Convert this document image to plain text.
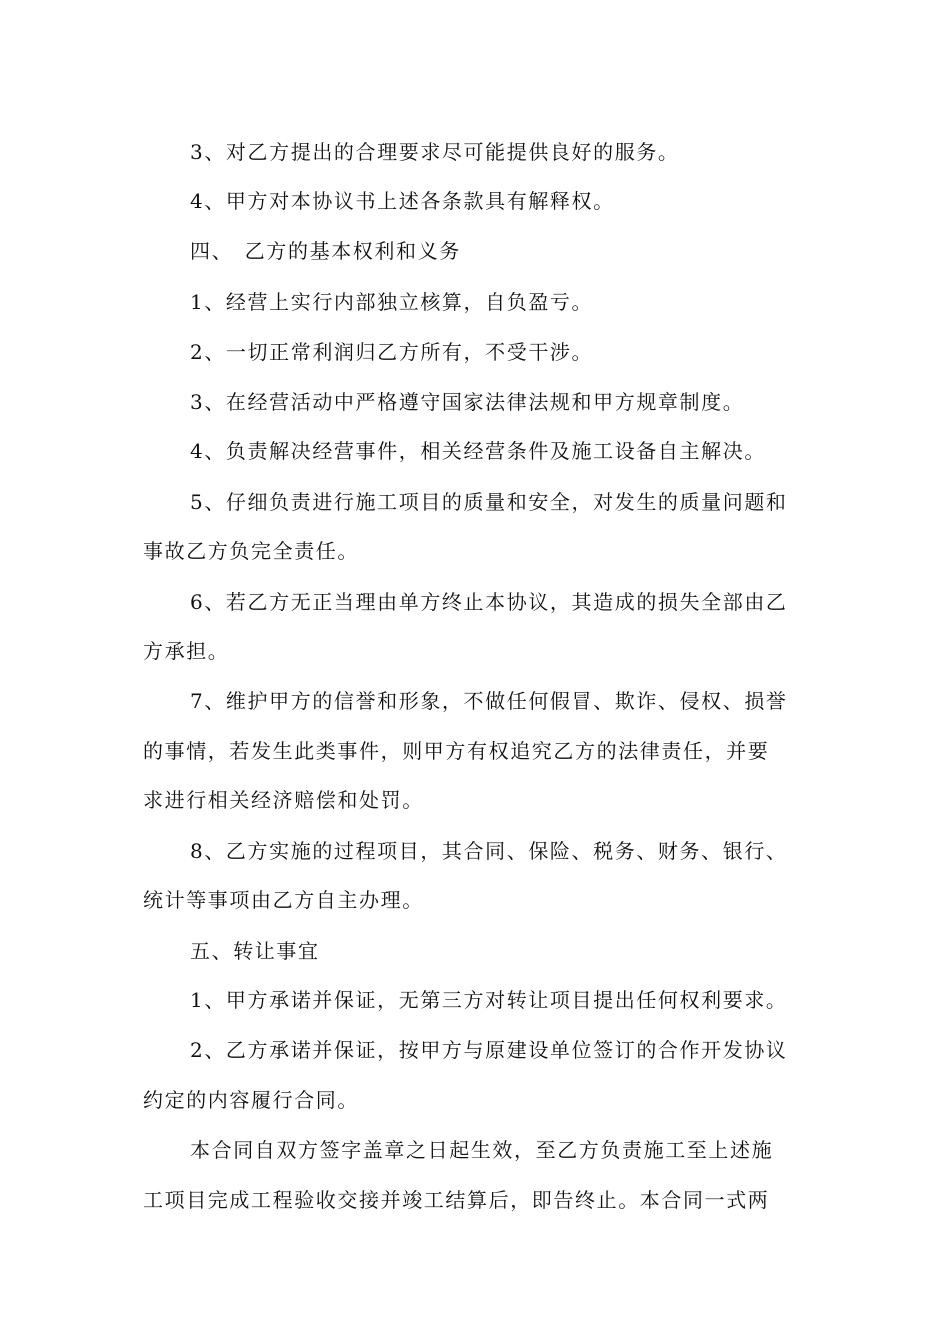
3、对乙方提出的合理要求尽可能提供良好的服务。
4、甲方对本协议书上述各条款具有解释权。
四、　乙方的基本权利和义务
1、经营上实行内部独立核算，自负盈亏。
2、一切正常利润归乙方所有，不受干涉。
3、在经营活动中严格遵守国家法律法规和甲方规章制度。
4、负责解决经营事件，相关经营条件及施工设备自主解决。
5、仔细负责进行施工项目的质量和安全，对发生的质量问题和
事故乙方负完全责任。
6、若乙方无正当理由单方终止本协议，其造成的损失全部由乙
方承担。
7、维护甲方的信誉和形象，不做任何假冒、欺诈、侵权、损誉
的事情，若发生此类事件，则甲方有权追究乙方的法律责任，并要
求进行相关经济赔偿和处罚。
8、乙方实施的过程项目，其合同、保险、税务、财务、银行、
统计等事项由乙方自主办理。
五、转让事宜
1、甲方承诺并保证，无第三方对转让项目提出任何权利要求。
2、乙方承诺并保证，按甲方与原建设单位签订的合作开发协议
约定的内容履行合同。
本合同自双方签字盖章之日起生效，至乙方负责施工至上述施
工项目完成工程验收交接并竣工结算后，即告终止。本合同一式两
